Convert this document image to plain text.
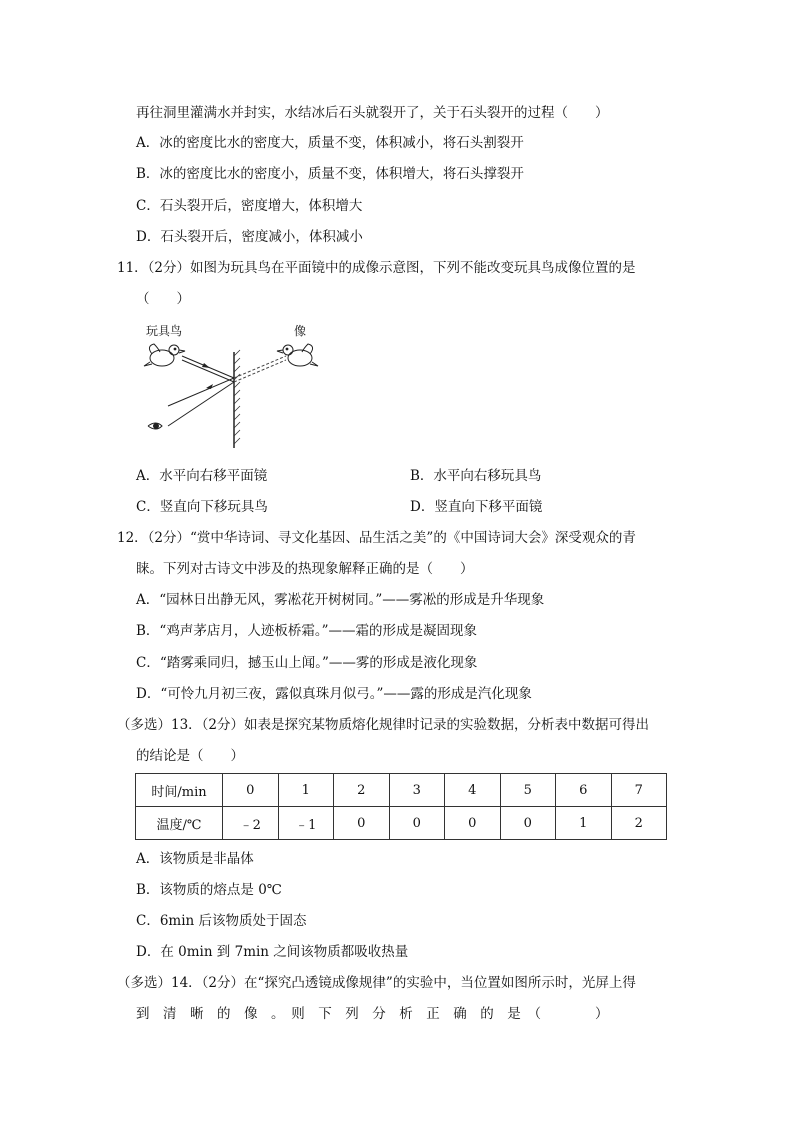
再往洞里灌满水并封实，水结冰后石头就裂开了，关于石头裂开的过程（　　）
A．冰的密度比水的密度大，质量不变，体积减小，将石头割裂开
B．冰的密度比水的密度小，质量不变，体积增大，将石头撑裂开
C．石头裂开后，密度增大，体积增大
D．石头裂开后，密度减小，体积减小
11．（2分）如图为玩具鸟在平面镜中的成像示意图，下列不能改变玩具鸟成像位置的是
（　　）
玩具鸟	像
A．水平向右移平面镜	B．水平向右移玩具鸟
C．竖直向下移玩具鸟	D．竖直向下移平面镜
12．（2分）“赏中华诗词、寻文化基因、品生活之美”的《中国诗词大会》深受观众的青
睐。下列对古诗文中涉及的热现象解释正确的是（　　）
A．“园林日出静无风，雾凇花开树树同。”——雾凇的形成是升华现象
B．“鸡声茅店月，人迹板桥霜。”——霜的形成是凝固现象
C．“踏雾乘同归，撼玉山上闻。”——雾的形成是液化现象
D．“可怜九月初三夜，露似真珠月似弓。”——露的形成是汽化现象
（多选）13．（2分）如表是探究某物质熔化规律时记录的实验数据，分析表中数据可得出
的结论是（　　）
时间/min	0	1	2	3	4	5	6	7
温度/℃	﹣2	﹣1	0	0	0	0	1	2
A．该物质是非晶体
B．该物质的熔点是 0℃
C．6min 后该物质处于固态
D．在 0min 到 7min 之间该物质都吸收热量
（多选）14．（2分）在“探究凸透镜成像规律”的实验中，当位置如图所示时，光屏上得
到　清　晰　的　像　。　则　下　列　分　析　正　确　的　是　（　　　　）
